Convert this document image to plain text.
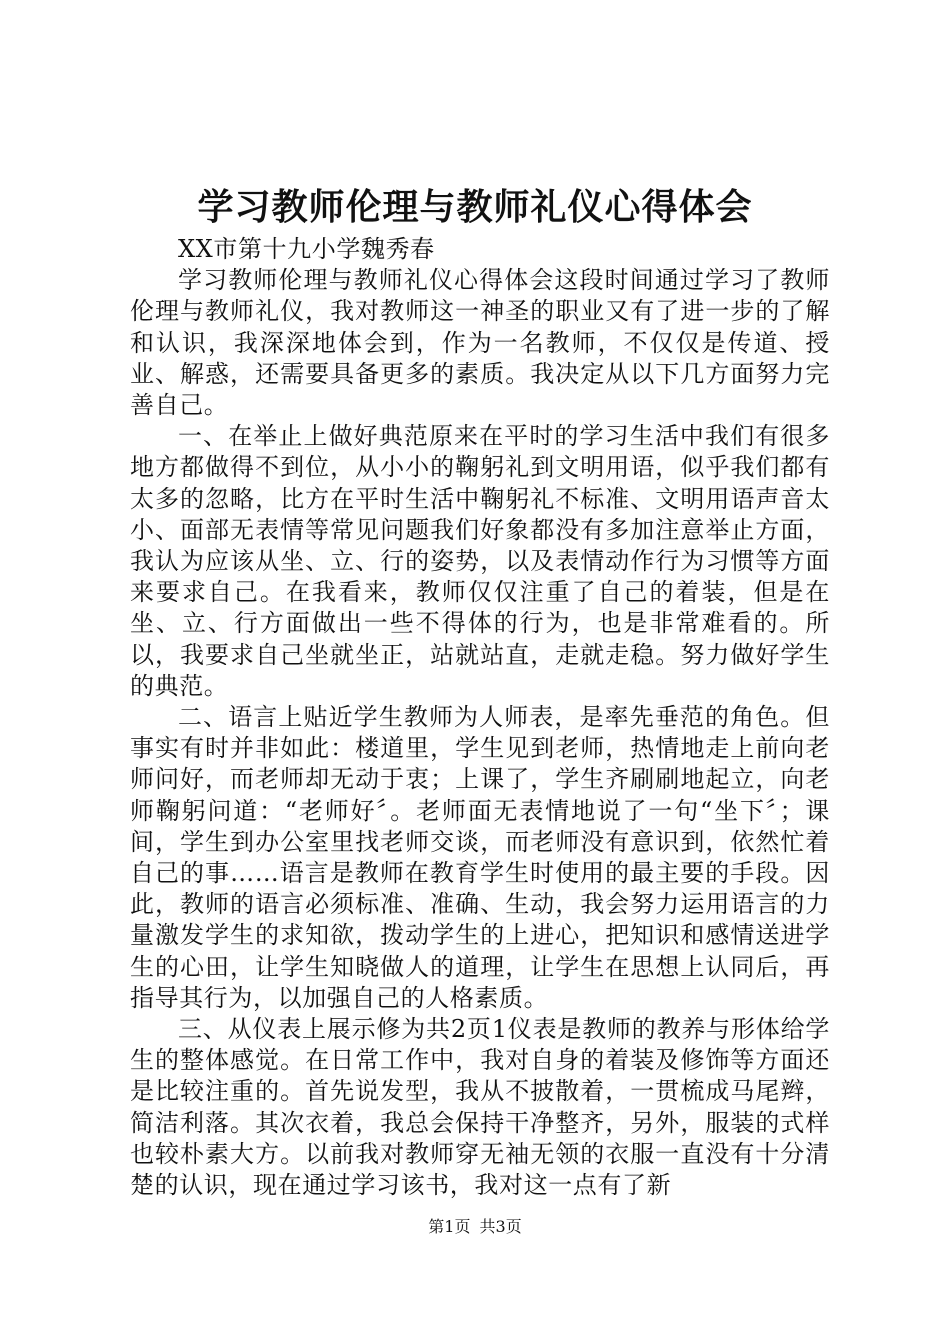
学习教师伦理与教师礼仪心得体会

XX市第十九小学魏秀春

学习教师伦理与教师礼仪心得体会这段时间通过学习了教师伦理与教师礼仪，我对教师这一神圣的职业又有了进一步的了解和认识，我深深地体会到，作为一名教师，不仅仅是传道、授业、解惑，还需要具备更多的素质。我决定从以下几方面努力完善自己。

一、在举止上做好典范原来在平时的学习生活中我们有很多地方都做得不到位，从小小的鞠躬礼到文明用语，似乎我们都有太多的忽略，比方在平时生活中鞠躬礼不标准、文明用语声音太小、面部无表情等常见问题我们好象都没有多加注意举止方面，我认为应该从坐、立、行的姿势，以及表情动作行为习惯等方面来要求自己。在我看来，教师仅仅注重了自己的着装，但是在坐、立、行方面做出一些不得体的行为，也是非常难看的。所以，我要求自己坐就坐正，站就站直，走就走稳。努力做好学生的典范。

二、语言上贴近学生教师为人师表，是率先垂范的角色。但事实有时并非如此：楼道里，学生见到老师，热情地走上前向老师问好，而老师却无动于衷；上课了，学生齐刷刷地起立，向老师鞠躬问道：“老师好〞。老师面无表情地说了一句“坐下〞；课间，学生到办公室里找老师交谈，而老师没有意识到，依然忙着自己的事……语言是教师在教育学生时使用的最主要的手段。因此，教师的语言必须标准、准确、生动，我会努力运用语言的力量激发学生的求知欲，拨动学生的上进心，把知识和感情送进学生的心田，让学生知晓做人的道理，让学生在思想上认同后，再指导其行为，以加强自己的人格素质。

三、从仪表上展示修为共2页1仪表是教师的教养与形体给学生的整体感觉。在日常工作中，我对自身的着装及修饰等方面还是比较注重的。首先说发型，我从不披散着，一贯梳成马尾辫，简洁利落。其次衣着，我总会保持干净整齐，另外，服装的式样也较朴素大方。以前我对教师穿无袖无领的衣服一直没有十分清楚的认识，现在通过学习该书，我对这一点有了新

第1页 共3页
